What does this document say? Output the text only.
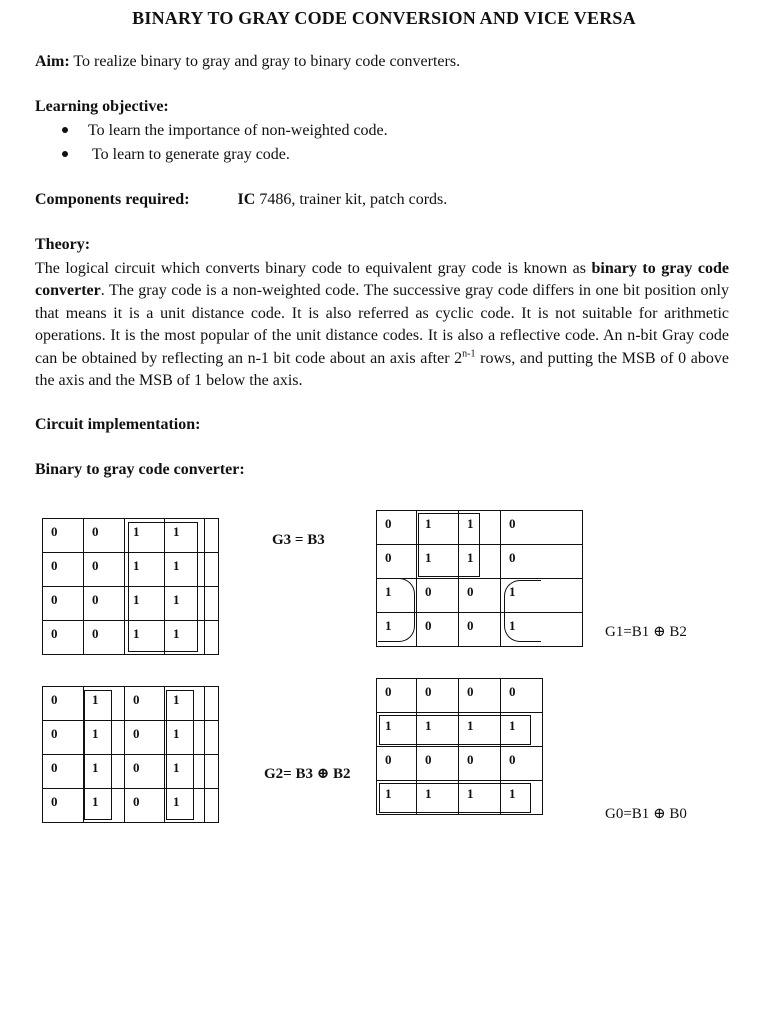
BINARY TO GRAY CODE CONVERSION AND VICE VERSA
Aim: To realize binary to gray and gray to binary code converters.
Learning objective:
To learn the importance of non-weighted code.
To learn to generate gray code.
Components required:	IC 7486, trainer kit, patch cords.
Theory:
The logical circuit which converts binary code to equivalent gray code is known as binary to gray code converter. The gray code is a non-weighted code. The successive gray code differs in one bit position only that means it is a unit distance code. It is also referred as cyclic code. It is not suitable for arithmetic operations. It is the most popular of the unit distance codes. It is also a reflective code. An n-bit Gray code can be obtained by reflecting an n-1 bit code about an axis after 2$^{n-1}$ rows, and putting the MSB of 0 above the axis and the MSB of 1 below the axis.
Circuit implementation:
Binary to gray code converter:
0	0	1	1	
0	0	1	1	
0	0	1	1	
0	0	1	1	
G3 = B3
0	1	1	0
0	1	1	0
1	0	0	1
1	0	0	1	G1=B1 ⊕ B2
0	1	0	1	
0	1	0	1	
0	1	0	1	
0	1	0	1	
G2= B3 ⊕ B2
0	0	0	0
1	1	1	1
0	0	0	0
1	1	1	1
G0=B1 ⊕ B0
